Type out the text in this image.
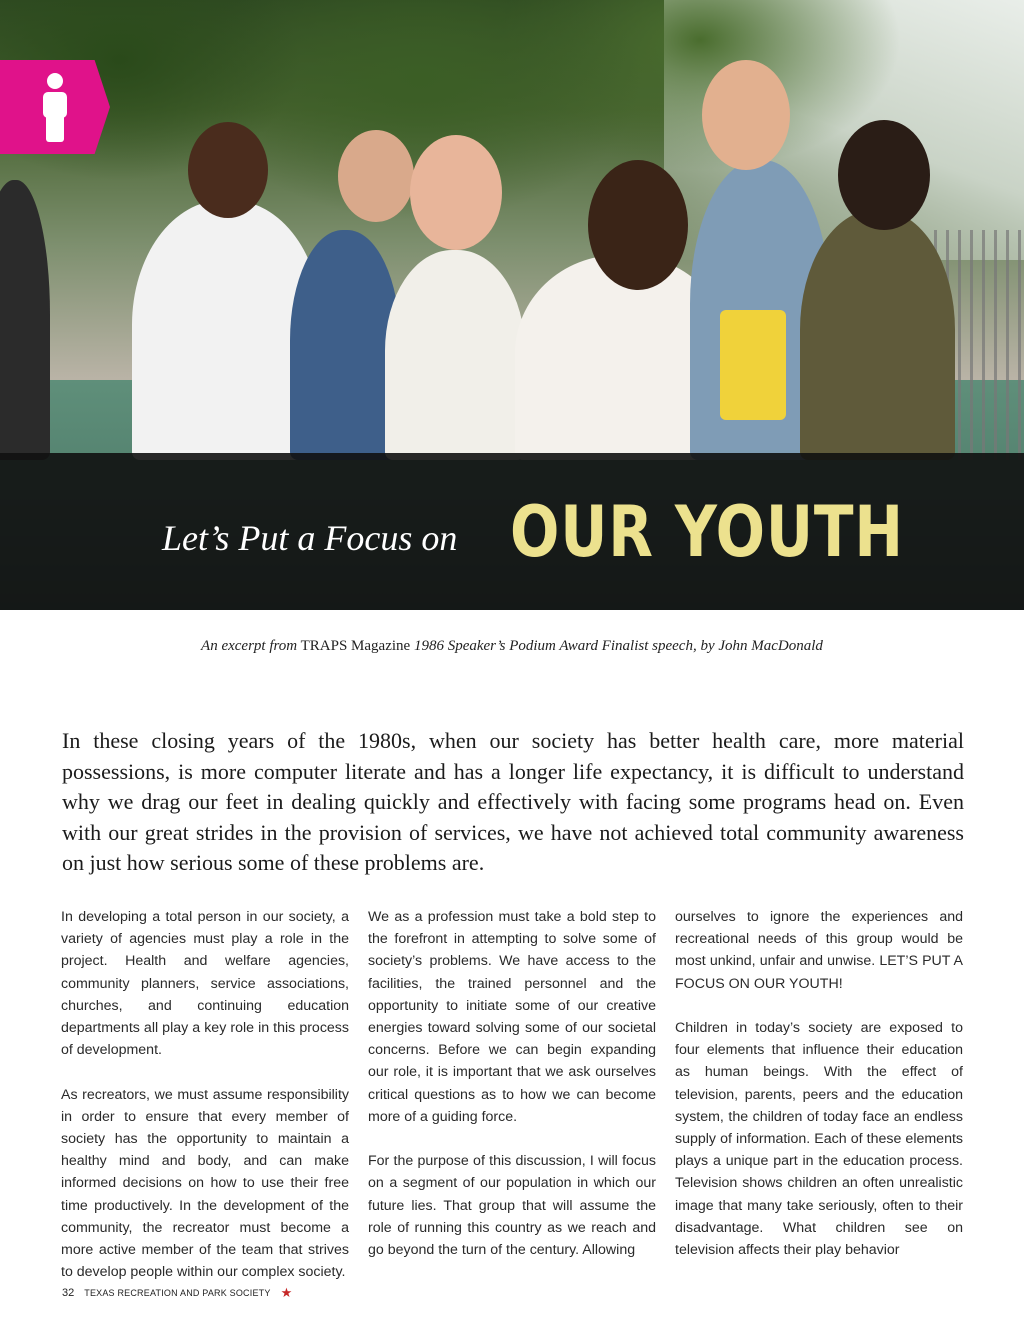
Let’s Put a Focus on OUR YOUTH
An excerpt from TRAPS Magazine 1986 Speaker’s Podium Award Finalist speech, by John MacDonald
In these closing years of the 1980s, when our society has better health care, more material possessions, is more computer literate and has a longer life expectancy, it is difficult to understand why we drag our feet in dealing quickly and effectively with facing some programs head on. Even with our great strides in the provision of services, we have not achieved total community awareness on just how serious some of these problems are.

In developing a total person in our society, a variety of agencies must play a role in the project. Health and welfare agencies, community planners, service associations, churches, and continuing education departments all play a key role in this process of development.

As recreators, we must assume responsibility in order to ensure that every member of society has the opportunity to maintain a healthy mind and body, and can make informed decisions on how to use their free time productively. In the development of the community, the recreator must become a more active member of the team that strives to develop people within our complex society.

We as a profession must take a bold step to the forefront in attempting to solve some of society’s problems. We have access to the facilities, the trained personnel and the opportunity to initiate some of our creative energies toward solving some of our societal concerns. Before we can begin expanding our role, it is important that we ask ourselves critical questions as to how we can become more of a guiding force.

For the purpose of this discussion, I will focus on a segment of our population in which our future lies. That group that will assume the role of running this country as we reach and go beyond the turn of the century. Allowing

ourselves to ignore the experiences and recreational needs of this group would be most unkind, unfair and unwise. LET’S PUT A FOCUS ON OUR YOUTH!

Children in today’s society are exposed to four elements that influence their education as human beings. With the effect of television, parents, peers and the education system, the children of today face an endless supply of information. Each of these elements plays a unique part in the education process. Television shows children an often unrealistic image that many take seriously, often to their disadvantage. What children see on television affects their play behavior

32 TEXAS RECREATION AND PARK SOCIETY ★
